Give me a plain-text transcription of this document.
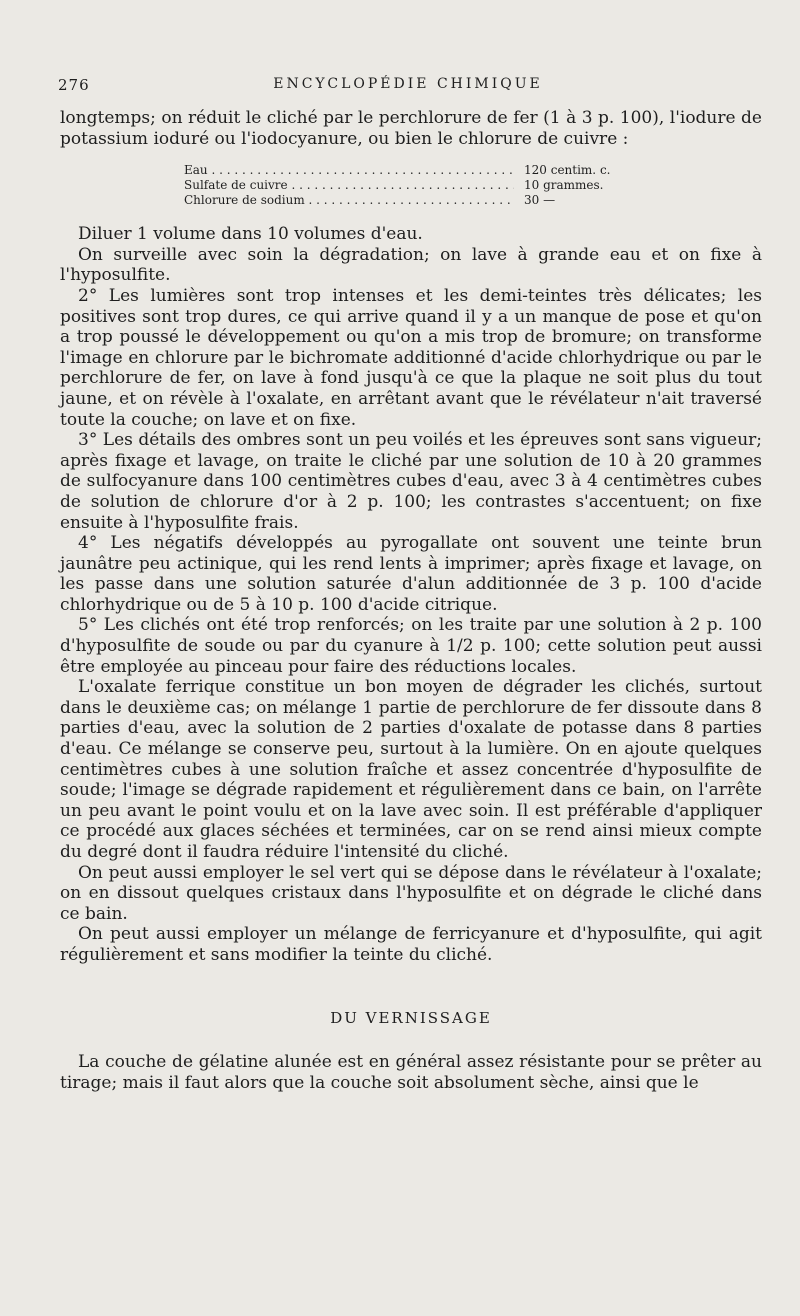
276	ENCYCLOPÉDIE CHIMIQUE

longtemps; on réduit le cliché par le perchlorure de fer (1 à 3 p. 100), l'iodure de potassium ioduré ou l'iodocyanure, ou bien le chlorure de cuivre :

Eau . . .	120 centim. c.
Sulfate de cuivre . . .	10 grammes.
Chlorure de sodium . . .	30 —

Diluer 1 volume dans 10 volumes d'eau.

On surveille avec soin la dégradation; on lave à grande eau et on fixe à l'hyposulfite.

2° Les lumières sont trop intenses et les demi-teintes très délicates; les positives sont trop dures, ce qui arrive quand il y a un manque de pose et qu'on a trop poussé le développement ou qu'on a mis trop de bromure; on transforme l'image en chlorure par le bichromate additionné d'acide chlorhydrique ou par le perchlorure de fer, on lave à fond jusqu'à ce que la plaque ne soit plus du tout jaune, et on révèle à l'oxalate, en arrêtant avant que le révélateur n'ait traversé toute la couche; on lave et on fixe.

3° Les détails des ombres sont un peu voilés et les épreuves sont sans vigueur; après fixage et lavage, on traite le cliché par une solution de 10 à 20 grammes de sulfocyanure dans 100 centimètres cubes d'eau, avec 3 à 4 centimètres cubes de solution de chlorure d'or à 2 p. 100; les contrastes s'accentuent; on fixe ensuite à l'hyposulfite frais.

4° Les négatifs développés au pyrogallate ont souvent une teinte brun jaunâtre peu actinique, qui les rend lents à imprimer; après fixage et lavage, on les passe dans une solution saturée d'alun additionnée de 3 p. 100 d'acide chlorhydrique ou de 5 à 10 p. 100 d'acide citrique.

5° Les clichés ont été trop renforcés; on les traite par une solution à 2 p. 100 d'hyposulfite de soude ou par du cyanure à 1/2 p. 100; cette solution peut aussi être employée au pinceau pour faire des réductions locales.

L'oxalate ferrique constitue un bon moyen de dégrader les clichés, surtout dans le deuxième cas; on mélange 1 partie de perchlorure de fer dissoute dans 8 parties d'eau, avec la solution de 2 parties d'oxalate de potasse dans 8 parties d'eau. Ce mélange se conserve peu, surtout à la lumière. On en ajoute quelques centimètres cubes à une solution fraîche et assez concentrée d'hyposulfite de soude; l'image se dégrade rapidement et régulièrement dans ce bain, on l'arrête un peu avant le point voulu et on la lave avec soin. Il est préférable d'appliquer ce procédé aux glaces séchées et terminées, car on se rend ainsi mieux compte du degré dont il faudra réduire l'intensité du cliché.

On peut aussi employer le sel vert qui se dépose dans le révélateur à l'oxalate; on en dissout quelques cristaux dans l'hyposulfite et on dégrade le cliché dans ce bain.

On peut aussi employer un mélange de ferricyanure et d'hyposulfite, qui agit régulièrement et sans modifier la teinte du cliché.

DU VERNISSAGE

La couche de gélatine alunée est en général assez résistante pour se prêter au tirage; mais il faut alors que la couche soit absolument sèche, ainsi que le
